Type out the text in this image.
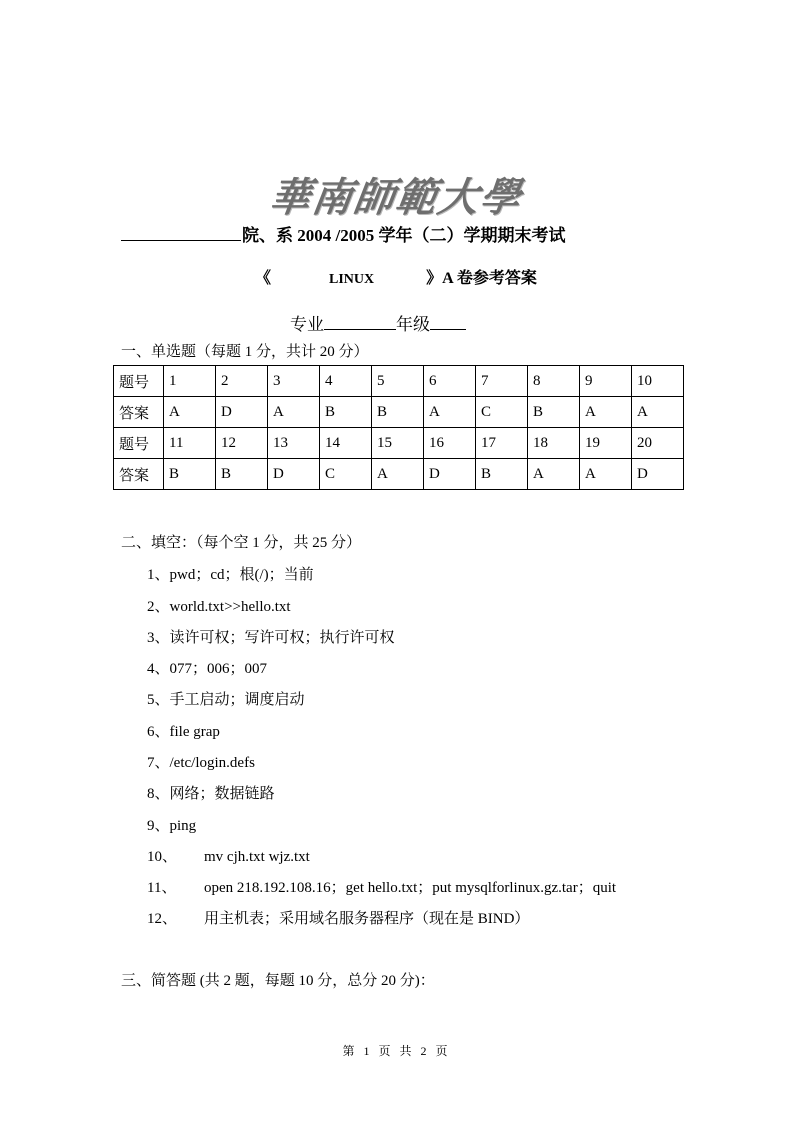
華南師範大學
院、系 2004 /2005 学年（二）学期期末考试
《	LINUX	》A 卷参考答案
专业	年级
一、单选题（每题 1 分，共计 20 分）
题号	1	2	3	4	5	6	7	8	9	10
答案	A	D	A	B	B	A	C	B	A	A
题号	11	12	13	14	15	16	17	18	19	20
答案	B	B	D	C	A	D	B	A	A	D
二、填空：（每个空 1 分，共 25 分）
1、pwd；cd；根(/)；当前
2、world.txt>>hello.txt
3、读许可权；写许可权；执行许可权
4、077；006；007
5、手工启动；调度启动
6、file grap
7、/etc/login.defs
8、网络；数据链路
9、ping
10、 mv cjh.txt wjz.txt
11、 open 218.192.108.16；get hello.txt；put mysqlforlinux.gz.tar；quit
12、 用主机表；采用域名服务器程序（现在是 BIND）
三、简答题 (共 2 题，每题 10 分，总分 20 分)：
第 1 页 共 2 页
